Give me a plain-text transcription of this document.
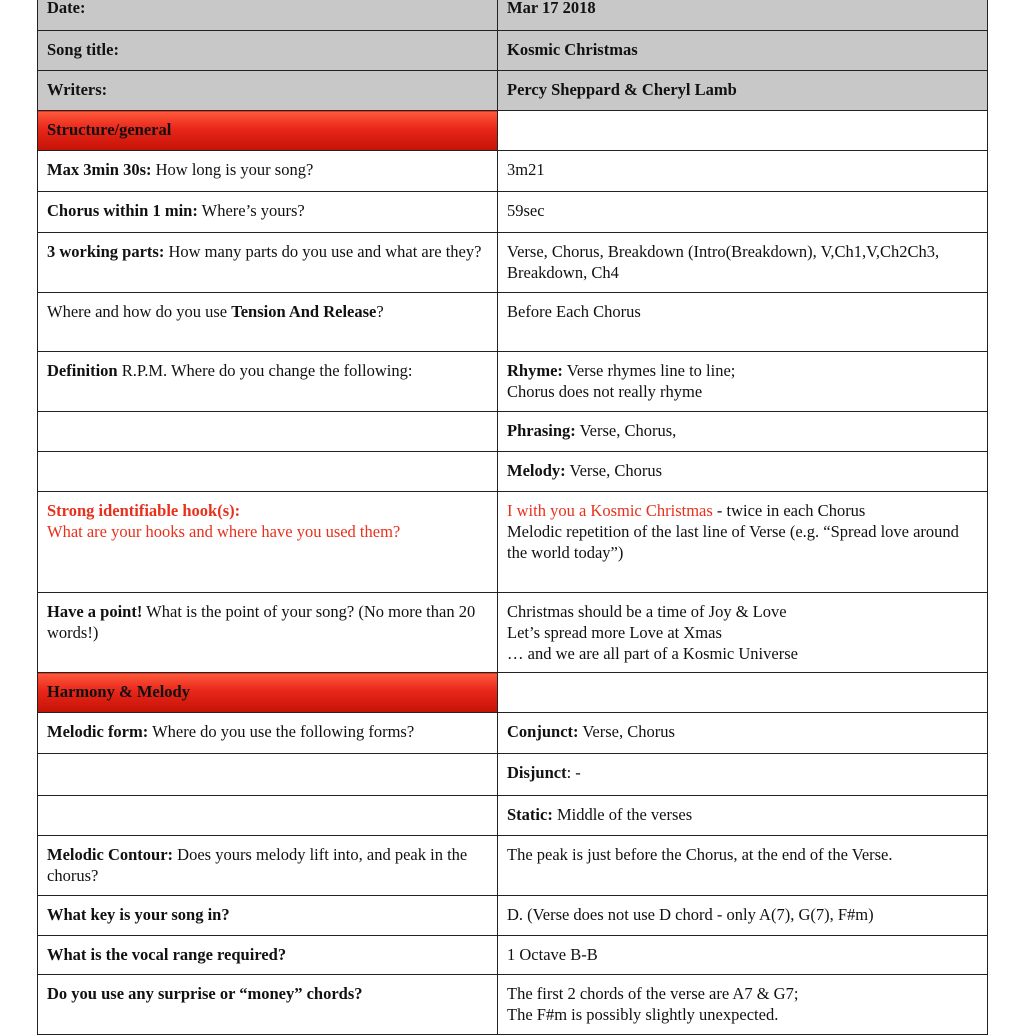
Date:	Mar 17 2018
Song title:	Kosmic Christmas
Writers:	Percy Sheppard & Cheryl Lamb
Structure/general	
Max 3min 30s: How long is your song?	3m21
Chorus within 1 min: Where’s yours?	59sec
3 working parts: How many parts do you use and what are they?	Verse, Chorus, Breakdown (Intro(Breakdown), V,Ch1,V,Ch2Ch3, Breakdown, Ch4
Where and how do you use Tension And Release?	Before Each Chorus
Definition R.P.M. Where do you change the following:	Rhyme: Verse rhymes line to line;
Chorus does not really rhyme

	Phrasing: Verse, Chorus,
	Melody: Verse, Chorus

Strong identifiable hook(s):
What are your hooks and where have you used them?	I with you a Kosmic Christmas - twice in each Chorus
Melodic repetition of the last line of Verse (e.g. “Spread love around the world today”)

Have a point! What is the point of your song? (No more than 20 words!)	Christmas should be a time of Joy & Love
Let’s spread more Love at Xmas
… and we are all part of a Kosmic Universe

Harmony & Melody	
Melodic form: Where do you use the following forms?	Conjunct: Verse, Chorus
	Disjunct: -
	Static: Middle of the verses
Melodic Contour: Does yours melody lift into, and peak in the chorus?	The peak is just before the Chorus, at the end of the Verse.
What key is your song in?	D. (Verse does not use D chord - only A(7), G(7), F#m)
What is the vocal range required?	1 Octave B-B
Do you use any surprise or “money” chords?	The first 2 chords of the verse are A7 & G7;
The F#m is possibly slightly unexpected.
